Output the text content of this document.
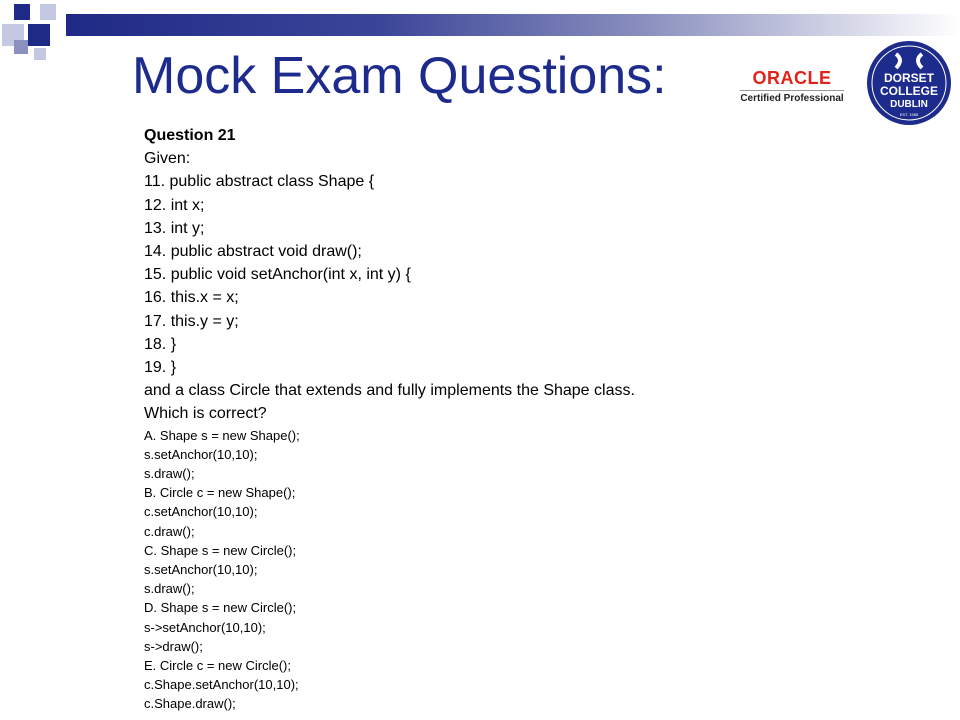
Mock Exam Questions:	ORACLE
Certified Professional
DORSET
COLLEGE
DUBLIN
EST. 1985
Question 21
Given:
11. public abstract class Shape {
12. int x;
13. int y;
14. public abstract void draw();
15. public void setAnchor(int x, int y) {
16. this.x = x;
17. this.y = y;
18. }
19. }
and a class Circle that extends and fully implements the Shape class.
Which is correct?
A. Shape s = new Shape();
s.setAnchor(10,10);
s.draw();
B. Circle c = new Shape();
c.setAnchor(10,10);
c.draw();
C. Shape s = new Circle();
s.setAnchor(10,10);
s.draw();
D. Shape s = new Circle();
s->setAnchor(10,10);
s->draw();
E. Circle c = new Circle();
c.Shape.setAnchor(10,10);
c.Shape.draw();
